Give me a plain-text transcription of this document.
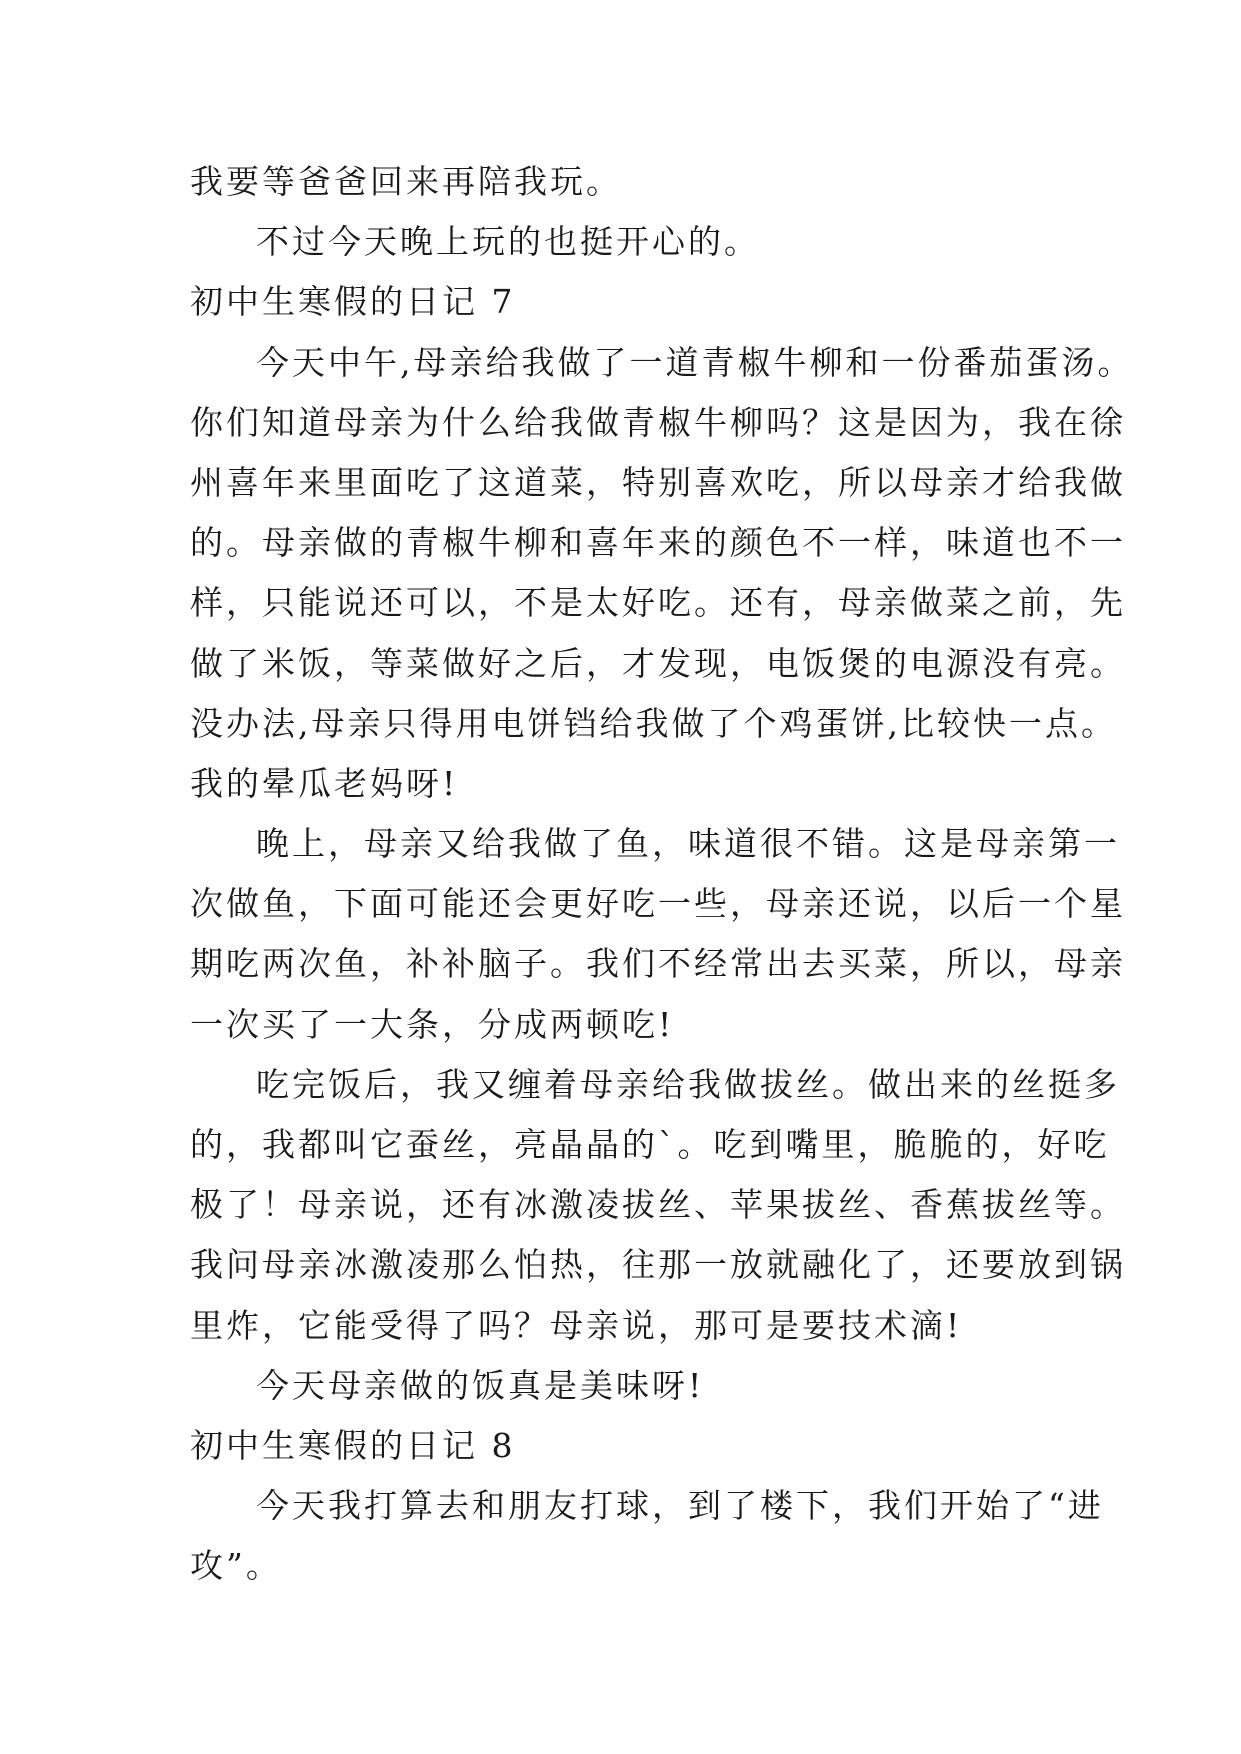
我要等爸爸回来再陪我玩。
不过今天晚上玩的也挺开心的。
初中生寒假的日记 7
今天中午,母亲给我做了一道青椒牛柳和一份番茄蛋汤。
你们知道母亲为什么给我做青椒牛柳吗？这是因为，我在徐
州喜年来里面吃了这道菜，特别喜欢吃，所以母亲才给我做
的。母亲做的青椒牛柳和喜年来的颜色不一样，味道也不一
样，只能说还可以，不是太好吃。还有，母亲做菜之前，先
做了米饭，等菜做好之后，才发现，电饭煲的电源没有亮。
没办法,母亲只得用电饼铛给我做了个鸡蛋饼,比较快一点。
我的晕瓜老妈呀!
晚上，母亲又给我做了鱼，味道很不错。这是母亲第一
次做鱼，下面可能还会更好吃一些，母亲还说，以后一个星
期吃两次鱼，补补脑子。我们不经常出去买菜，所以，母亲
一次买了一大条，分成两顿吃!
吃完饭后，我又缠着母亲给我做拔丝。做出来的丝挺多
的，我都叫它蚕丝，亮晶晶的`。吃到嘴里，脆脆的，好吃
极了！母亲说，还有冰激凌拔丝、苹果拔丝、香蕉拔丝等。
我问母亲冰激凌那么怕热，往那一放就融化了，还要放到锅
里炸，它能受得了吗？母亲说，那可是要技术滴!
今天母亲做的饭真是美味呀!
初中生寒假的日记 8
今天我打算去和朋友打球，到了楼下，我们开始了“进
攻”。
